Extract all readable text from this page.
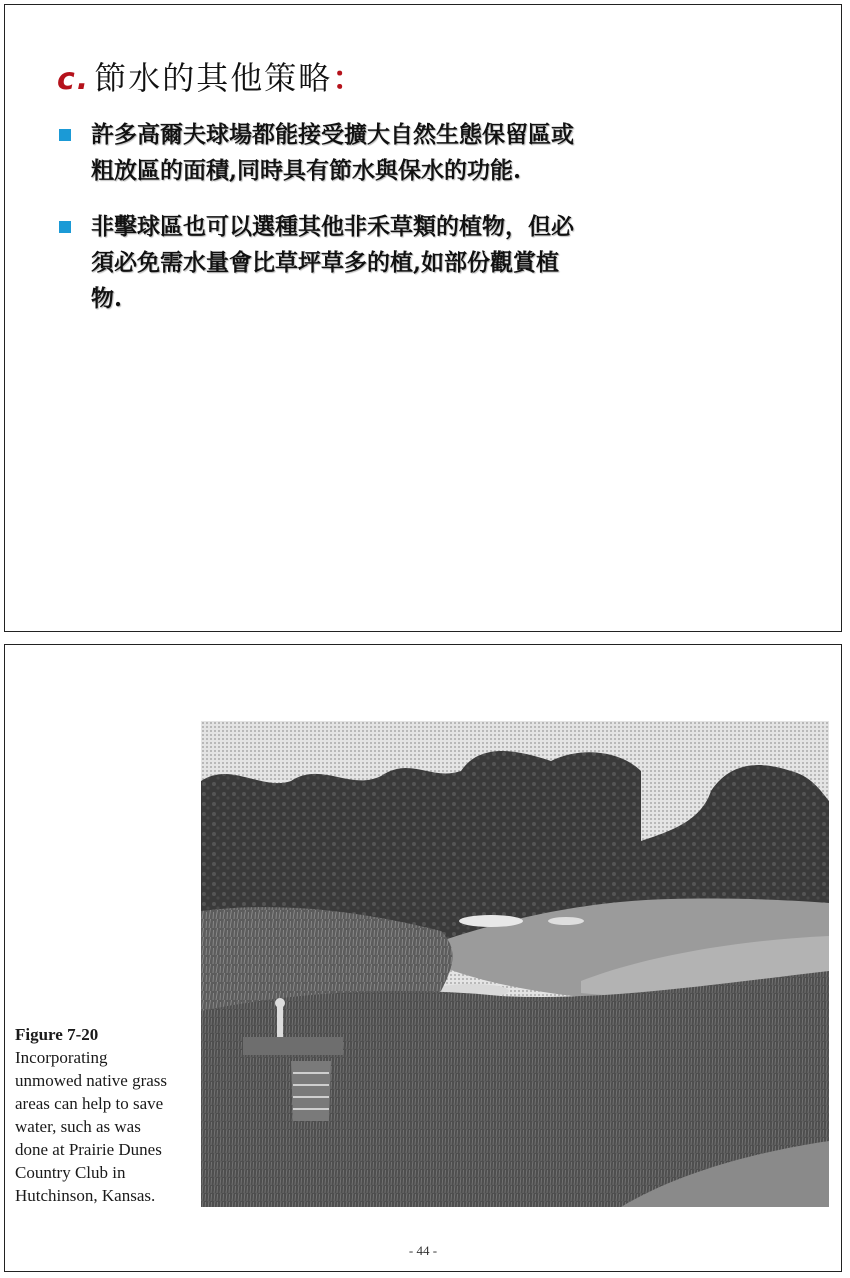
c. 節水的其他策略：
許多高爾夫球場都能接受擴大自然生態保留區或
粗放區的面積,同時具有節水與保水的功能.
非擊球區也可以選種其他非禾草類的植物，但必
須必免需水量會比草坪草多的植,如部份觀賞植
物.
Figure 7-20
Incorporating
unmowed native grass
areas can help to save
water, such as was
done at Prairie Dunes
Country Club in
Hutchinson, Kansas.
- 44 -
